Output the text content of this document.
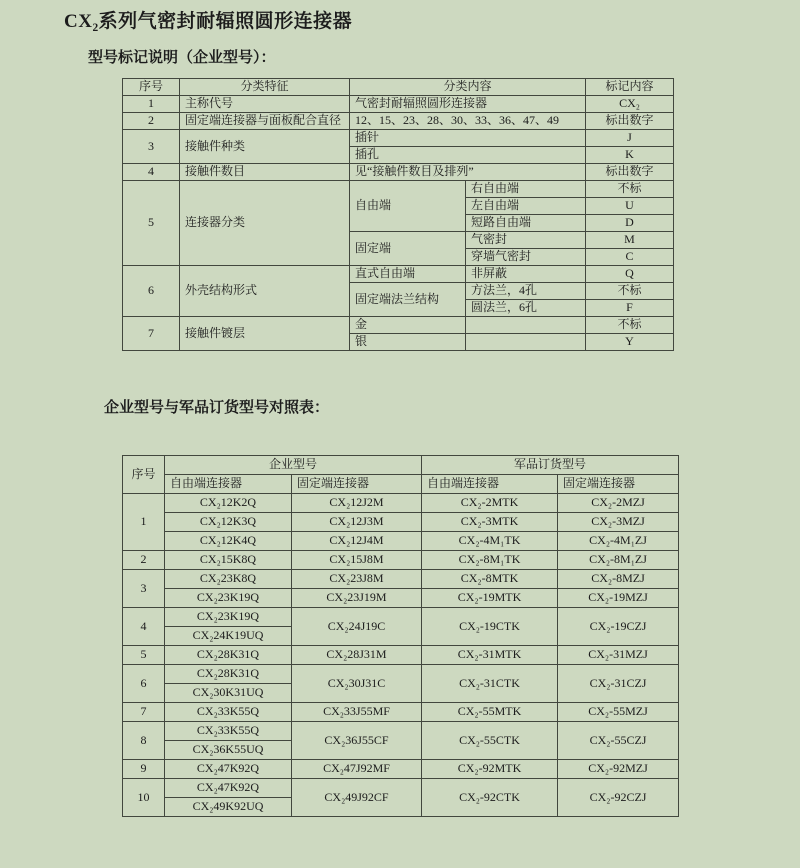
CX₂系列气密封耐辐照圆形连接器
型号标记说明（企业型号）：
序号	分类特征	分类内容		标记内容
1	主称代号	气密封耐辐照圆形连接器		CX₂
2	固定端连接器与面板配合直径	12、15、23、28、30、33、36、47、49		标出数字
3	接触件种类	插针		J
		插孔		K
4	接触件数目	见“接触件数目及排列”		标出数字
5	连接器分类	自由端	右自由端	不标
			左自由端	U
			短路自由端	D
		固定端	气密封	M
			穿墙气密封	C
6	外壳结构形式	直式自由端	非屏蔽	Q
		固定端法兰结构	方法兰，4孔	不标
			圆法兰，6孔	F
7	接触件镀层	金		不标
		银		Y
企业型号与军品订货型号对照表：
序号	企业型号		军品订货型号	
	自由端连接器	固定端连接器	自由端连接器	固定端连接器
1	CX₂12K2Q	CX₂12J2M	CX₂-2MTK	CX₂-2MZJ
	CX₂12K3Q	CX₂12J3M	CX₂-3MTK	CX₂-3MZJ
	CX₂12K4Q	CX₂12J4M	CX₂-4M₁TK	CX₂-4M₁ZJ
2	CX₂15K8Q	CX₂15J8M	CX₂-8M₁TK	CX₂-8M₁ZJ
3	CX₂23K8Q	CX₂23J8M	CX₂-8MTK	CX₂-8MZJ
	CX₂23K19Q	CX₂23J19M	CX₂-19MTK	CX₂-19MZJ
4	CX₂23K19Q	CX₂24J19C	CX₂-19CTK	CX₂-19CZJ
	CX₂24K19UQ			
5	CX₂28K31Q	CX₂28J31M	CX₂-31MTK	CX₂-31MZJ
6	CX₂28K31Q	CX₂30J31C	CX₂-31CTK	CX₂-31CZJ
	CX₂30K31UQ			
7	CX₂33K55Q	CX₂33J55MF	CX₂-55MTK	CX₂-55MZJ
8	CX₂33K55Q	CX₂36J55CF	CX₂-55CTK	CX₂-55CZJ
	CX₂36K55UQ			
9	CX₂47K92Q	CX₂47J92MF	CX₂-92MTK	CX₂-92MZJ
10	CX₂47K92Q	CX₂49J92CF	CX₂-92CTK	CX₂-92CZJ
	CX₂49K92UQ			
